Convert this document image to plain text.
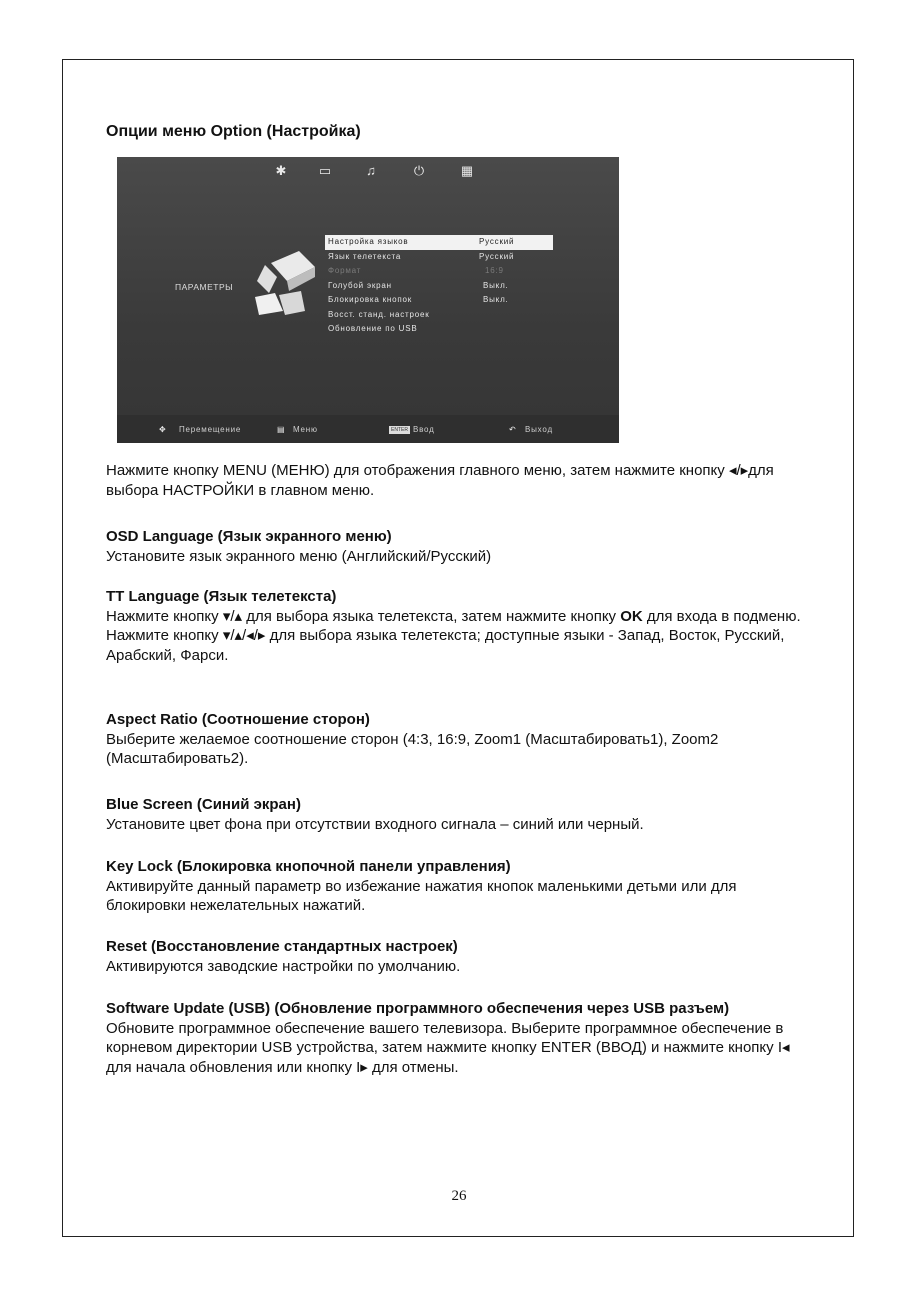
Опции меню Option (Настройка)
✱ ▭	♫	⏻	▦
ПАРАМЕТРЫ
Настройка языков	Русский
Язык телетекста	Русский
Формат	16:9
Голубой экран	Выкл.
Блокировка кнопок	Выкл.
Восст. станд. настроек
Обновление по USB
✥ Перемещение	▤ Меню	ENTER Ввод	↶ Выход
Нажмите кнопку MENU (МЕНЮ) для отображения главного меню, затем нажмите кнопку ◂/▸для выбора НАСТРОЙКИ в главном меню.
OSD Language (Язык экранного меню)
Установите язык экранного меню (Английский/Русский)
TT Language (Язык телетекста)
Нажмите кнопку ▾/▴ для выбора языка телетекста, затем нажмите кнопку OK для входа в подменю.
Нажмите кнопку ▾/▴/◂/▸ для выбора языка телетекста; доступные языки - Запад, Восток, Русский, Арабский, Фарси.
Aspect Ratio (Соотношение сторон)
Выберите желаемое соотношение сторон (4:3, 16:9, Zoom1 (Масштабировать1), Zoom2 (Масштабировать2).
Blue Screen (Синий экран)
Установите цвет фона при отсутствии входного сигнала – синий или черный.
Key Lock (Блокировка кнопочной панели управления)
Активируйте данный параметр во избежание нажатия кнопок маленькими детьми или для блокировки нежелательных нажатий.
Reset (Восстановление стандартных настроек)
Активируются заводские настройки по умолчанию.
Software Update (USB) (Обновление программного обеспечения через USB разъем)
Обновите программное обеспечение вашего телевизора. Выберите программное обеспечение в корневом директории USB устройства, затем нажмите кнопку ENTER (ВВОД) и нажмите кнопку I◂ для начала обновления или кнопку I▸ для отмены.
26
